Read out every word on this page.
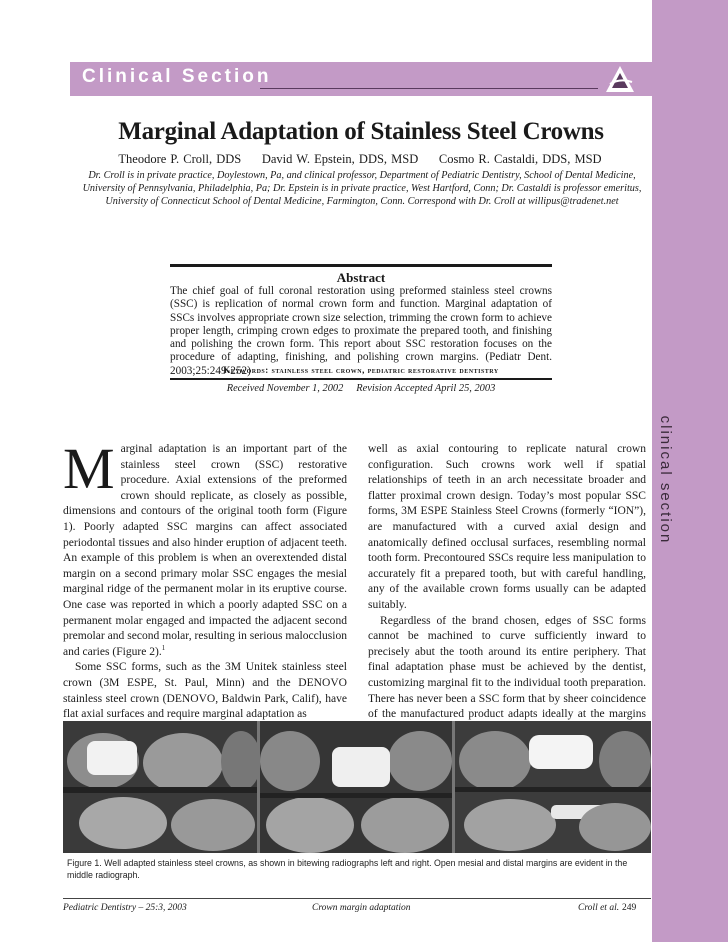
clinical section
Clinical Section
Marginal Adaptation of Stainless Steel Crowns
Theodore P. Croll, DDS     David W. Epstein, DDS, MSD     Cosmo R. Castaldi, DDS, MSD
Dr. Croll is in private practice, Doylestown, Pa, and clinical professor, Department of Pediatric Dentistry, School of Dental Medicine, University of Pennsylvania, Philadelphia, Pa; Dr. Epstein is in private practice, West Hartford, Conn; Dr. Castaldi is professor emeritus, University of Connecticut School of Dental Medicine, Farmington, Conn. Correspond with Dr. Croll at willipus@tradenet.net
Abstract
The chief goal of full coronal restoration using preformed stainless steel crowns (SSC) is replication of normal crown form and function. Marginal adaptation of SSCs involves appropriate crown size selection, trimming the crown form to achieve proper length, crimping crown edges to proximate the prepared tooth, and finishing and polishing the crown form. This report about SSC restoration focuses on the procedure of adapting, finishing, and polishing crown margins. (Pediatr Dent. 2003;25:249-252)
Keywords: stainless steel crown, pediatric restorative dentistry
Received November 1, 2002     Revision Accepted April 25, 2003

Marginal adaptation is an important part of the stainless steel crown (SSC) restorative procedure. Axial extensions of the preformed crown should replicate, as closely as possible, dimensions and contours of the original tooth form (Figure 1). Poorly adapted SSC margins can affect associated periodontal tissues and also hinder eruption of adjacent teeth. An example of this problem is when an overextended distal margin on a second primary molar SSC engages the mesial marginal ridge of the permanent molar in its eruptive course. One case was reported in which a poorly adapted SSC on a permanent molar engaged and impacted the adjacent second premolar and second molar, resulting in serious malocclusion and caries (Figure 2).$^1$

Some SSC forms, such as the 3M Unitek stainless steel crown (3M ESPE, St. Paul, Minn) and the DENOVO stainless steel crown (DENOVO, Baldwin Park, Calif), have flat axial surfaces and require marginal adaptation as

well as axial contouring to replicate natural crown configuration. Such crowns work well if spatial relationships of teeth in an arch necessitate broader and flatter proximal crown design. Today’s most popular SSC forms, 3M ESPE Stainless Steel Crowns (formerly “ION”), are manufactured with a curved axial design and anatomically defined occlusal surfaces, resembling normal tooth form. Precontoured SSCs require less manipulation to accurately fit a prepared tooth, but with careful handling, any of the available crown forms usually can be adapted suitably.

Regardless of the brand chosen, edges of SSC forms cannot be machined to curve sufficiently inward to precisely abut the tooth around its entire periphery. That final adaptation phase must be achieved by the dentist, customizing marginal fit to the individual tooth preparation. There has never been a SSC form that by sheer coincidence of the manufactured product adapts ideally at the margins

Figure 1. Well adapted stainless steel crowns, as shown in bitewing radiographs left and right. Open mesial and distal margins are evident in the middle radiograph.
Pediatric Dentistry – 25:3, 2003	Crown margin adaptation	Croll et al. 249
